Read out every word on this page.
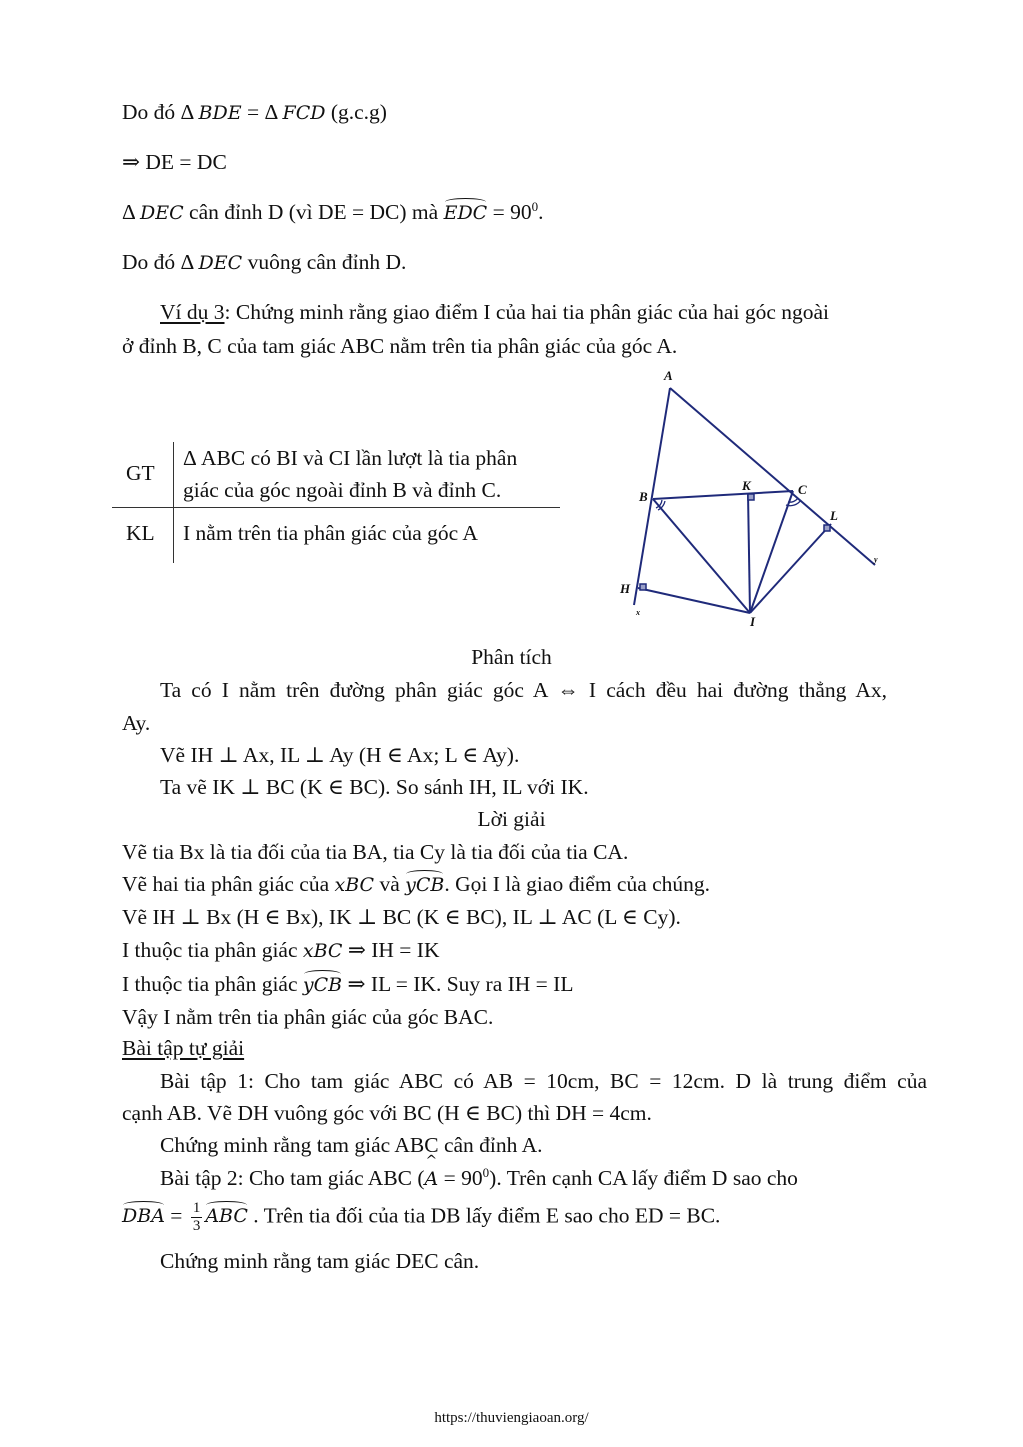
Do đó Δ BDE = Δ FCD (g.c.g)
⇒ DE = DC
Δ DEC cân đỉnh D (vì DE = DC) mà EDC = $90^0$.
Do đó Δ DEC vuông cân đỉnh D.
Ví dụ 3: Chứng minh rằng giao điểm I của hai tia phân giác của hai góc ngoài
ở đỉnh B, C của tam giác ABC nằm trên tia phân giác của góc A.
GT
Δ ABC có BI và CI lần lượt là tia phân
giác của góc ngoài đỉnh B và đỉnh C.
KL I nằm trên tia phân giác của góc A
A
B
K	C
L
H
I
x
y
Phân tích
Ta có I nằm trên đường phân giác góc A ⇔ I cách đều hai đường thẳng Ax,
Ay.
Vẽ IH ⊥ Ax, IL ⊥ Ay (H ∈ Ax; L ∈ Ay).
Ta vẽ IK ⊥ BC (K ∈ BC). So sánh IH, IL với IK.
Lời giải
Vẽ tia Bx là tia đối của tia BA, tia Cy là tia đối của tia CA.
Vẽ hai tia phân giác của xBC và yCB. Gọi I là giao điểm của chúng.
Vẽ IH ⊥ Bx (H ∈ Bx), IK ⊥ BC (K ∈ BC), IL ⊥ AC (L ∈ Cy).
I thuộc tia phân giác xBC ⇒ IH = IK
I thuộc tia phân giác yCB ⇒ IL = IK. Suy ra IH = IL
Vậy I nằm trên tia phân giác của góc BAC.
Bài tập tự giải
Bài tập 1: Cho tam giác ABC có AB = 10cm, BC = 12cm. D là trung điểm của
cạnh AB. Vẽ DH vuông góc với BC (H ∈ BC) thì DH = 4cm.
Chứng minh rằng tam giác ABC cân đỉnh A.
Bài tập 2: Cho tam giác ABC (^ $A = 90^0$). Trên cạnh CA lấy điểm D sao cho
DBA = $\frac{1}{3}$ ABC . Trên tia đối của tia DB lấy điểm E sao cho ED = BC.
Chứng minh rằng tam giác DEC cân.
https://thuviengiaoan.org/
